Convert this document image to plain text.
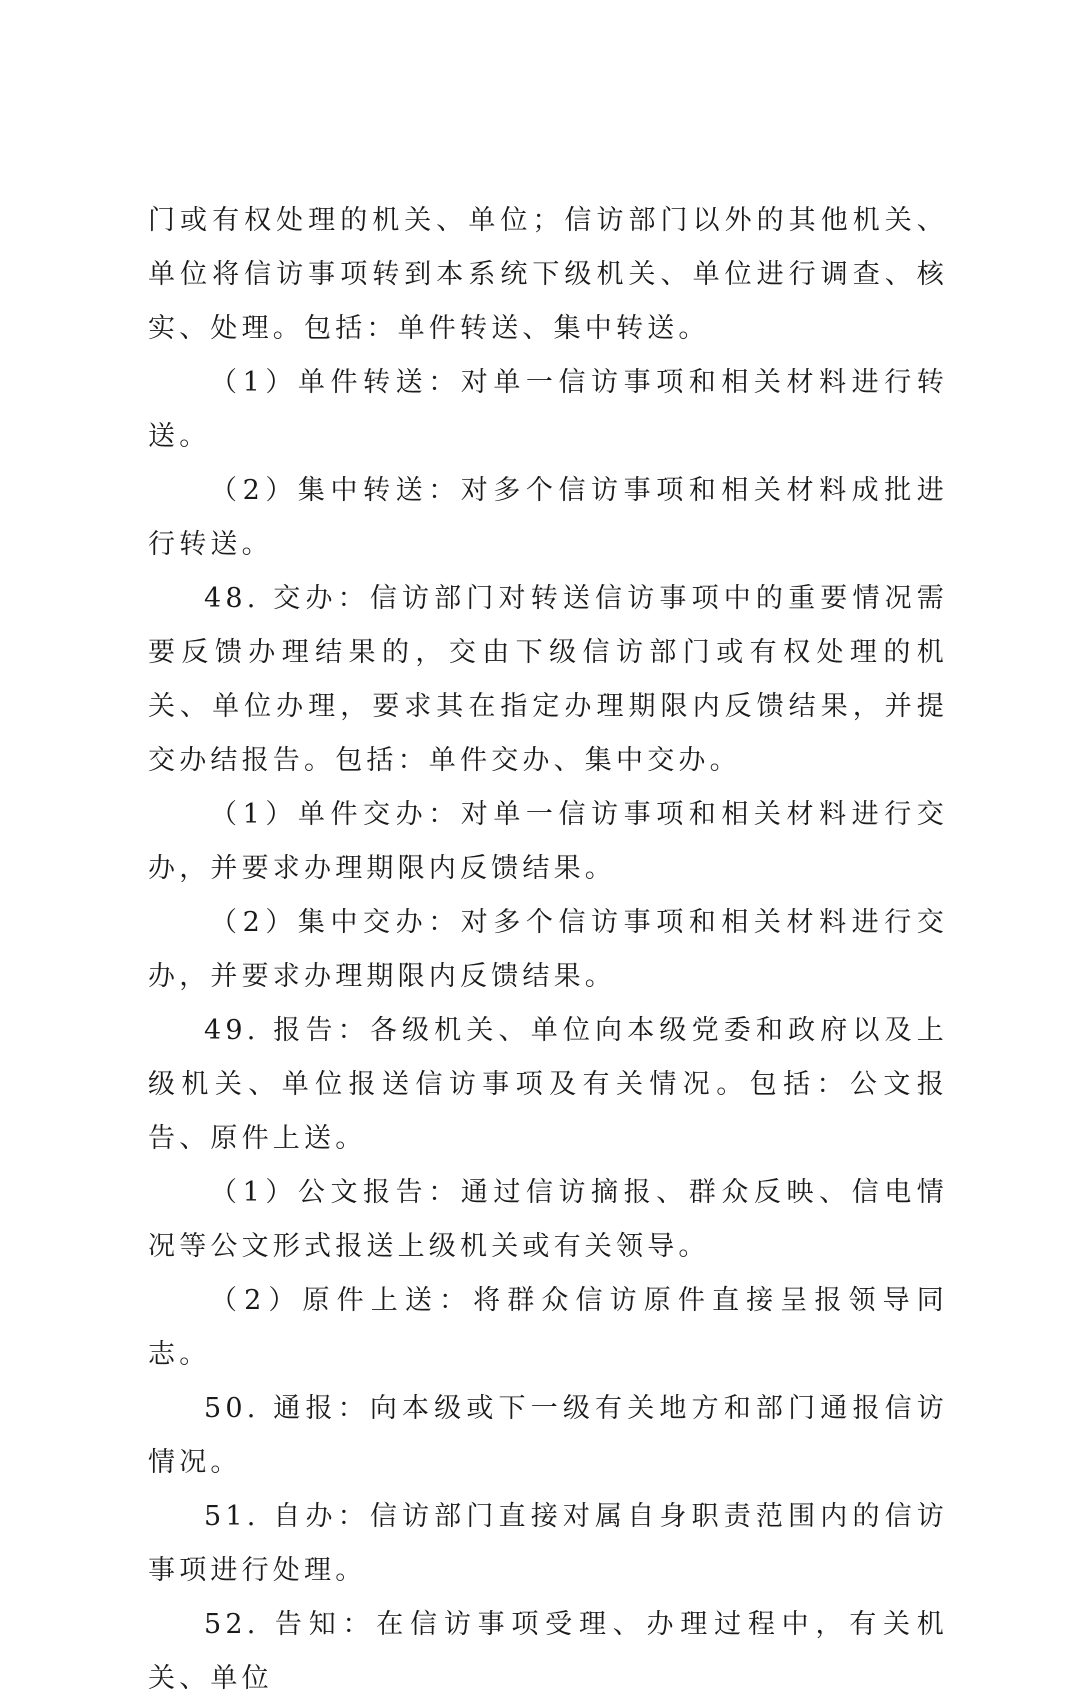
门或有权处理的机关、单位；信访部门以外的其他机关、单位将信访事项转到本系统下级机关、单位进行调查、核实、处理。包括：单件转送、集中转送。

（1）单件转送：对单一信访事项和相关材料进行转送。

（2）集中转送：对多个信访事项和相关材料成批进行转送。

48. 交办：信访部门对转送信访事项中的重要情况需要反馈办理结果的，交由下级信访部门或有权处理的机关、单位办理，要求其在指定办理期限内反馈结果，并提交办结报告。包括：单件交办、集中交办。

（1）单件交办：对单一信访事项和相关材料进行交办，并要求办理期限内反馈结果。

（2）集中交办：对多个信访事项和相关材料进行交办，并要求办理期限内反馈结果。

49. 报告：各级机关、单位向本级党委和政府以及上级机关、单位报送信访事项及有关情况。包括：公文报告、原件上送。

（1）公文报告：通过信访摘报、群众反映、信电情况等公文形式报送上级机关或有关领导。

（2）原件上送：将群众信访原件直接呈报领导同志。

50. 通报：向本级或下一级有关地方和部门通报信访情况。

51. 自办：信访部门直接对属自身职责范围内的信访事项进行处理。

52. 告知：在信访事项受理、办理过程中，有关机关、单位
